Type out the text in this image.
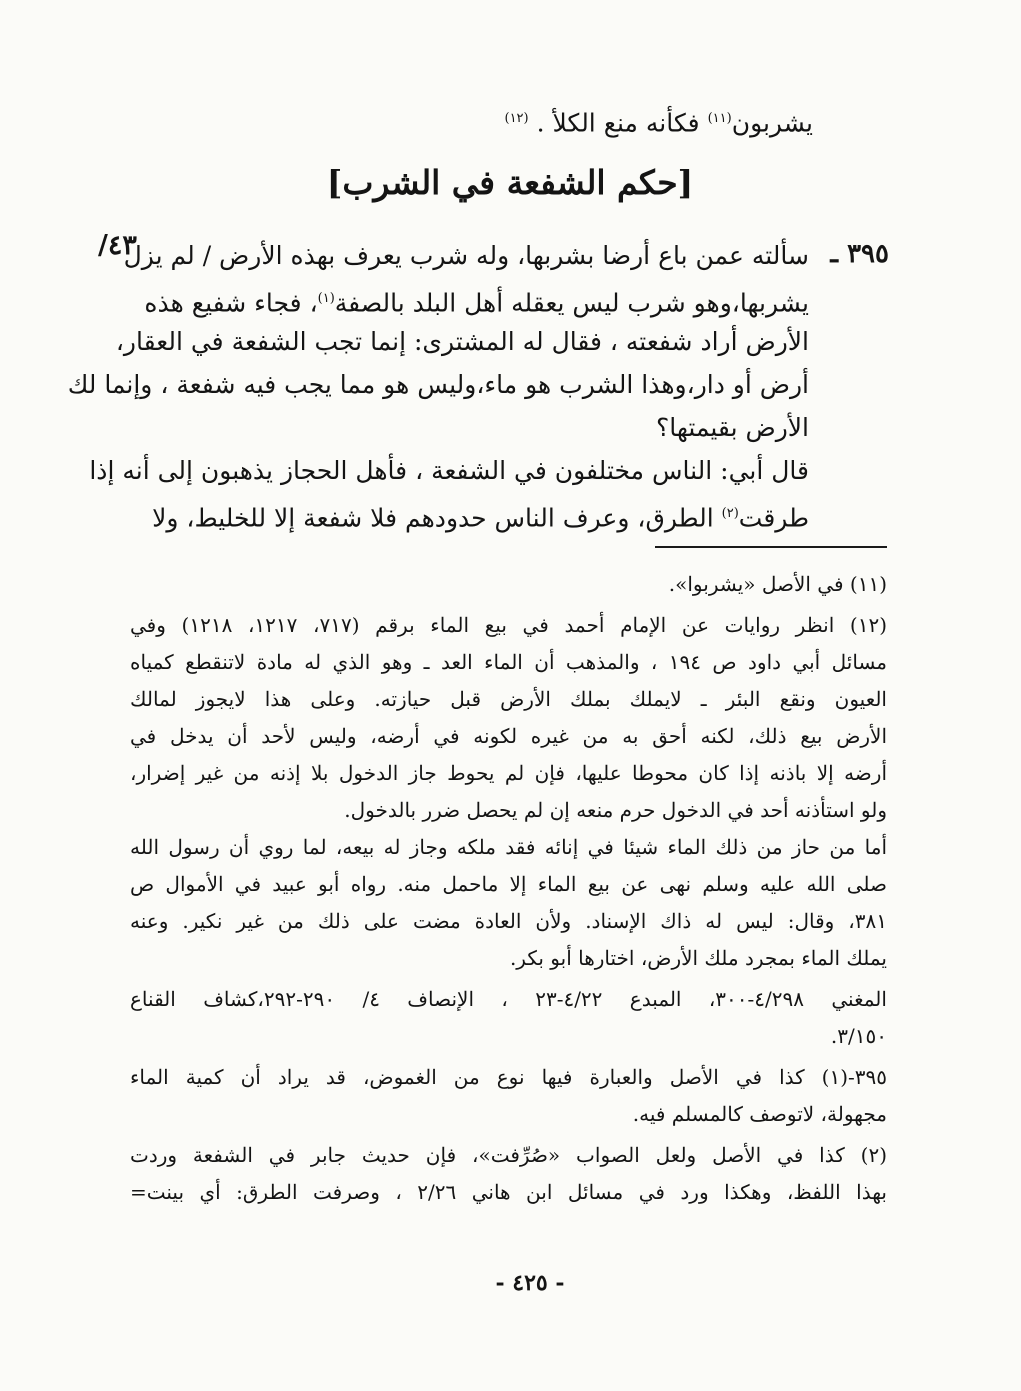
يشربون$^{(١١)}$ فكأنه منع الكلأ . $^{(١٢)}$
[حكم الشفعة في الشرب]
٤٣/	٣٩٥ ـ
سألته عمن باع أرضا بشربها، وله شرب يعرف بهذه الأرض / لم يزل
يشربها،وهو شرب ليس يعقله أهل البلد بالصفة$^{(١)}$، فجاء شفيع هذه
الأرض أراد شفعته ، فقال له المشترى: إنما تجب الشفعة في العقار،
أرض أو دار،وهذا الشرب هو ماء،وليس هو مما يجب فيه شفعة ، وإنما لك
الأرض بقيمتها؟
قال أبي: الناس مختلفون في الشفعة ، فأهل الحجاز يذهبون إلى أنه إذا
طرقت$^{(٢)}$ الطرق، وعرف الناس حدودهم فلا شفعة إلا للخليط، ولا
(١١) في الأصل «يشربوا».
(١٢) انظر روايات عن الإمام أحمد في بيع الماء برقم (٧١٧، ١٢١٧، ١٢١٨) وفي
مسائل أبي داود ص ١٩٤ ، والمذهب أن الماء العد ـ وهو الذي له مادة لاتنقطع كمياه
العيون ونقع البئر ـ لايملك بملك الأرض قبل حيازته. وعلى هذا لايجوز لمالك
الأرض بيع ذلك، لكنه أحق به من غيره لكونه في أرضه، وليس لأحد أن يدخل في
أرضه إلا باذنه إذا كان محوطا عليها، فإن لم يحوط جاز الدخول بلا إذنه من غير إضرار،
ولو استأذنه أحد في الدخول حرم منعه إن لم يحصل ضرر بالدخول.
أما من حاز من ذلك الماء شيئا في إنائه فقد ملكه وجاز له بيعه، لما روي أن رسول الله
صلى الله عليه وسلم نهى عن بيع الماء إلا ماحمل منه. رواه أبو عبيد في الأموال ص
٣٨١، وقال: ليس له ذاك الإسناد. ولأن العادة مضت على ذلك من غير نكير. وعنه
يملك الماء بمجرد ملك الأرض، اختارها أبو بكر.
المغني ٤/٢٩٨-٣٠٠، المبدع ٤/٢٢-٢٣ ، الإنصاف ٤/ ٢٩٠-٢٩٢،كشاف القناع
٣/١٥٠.
٣٩٥-(١) كذا في الأصل والعبارة فيها نوع من الغموض، قد يراد أن كمية الماء
مجهولة، لاتوصف كالمسلم فيه.
(٢) كذا في الأصل ولعل الصواب «صُرِّفت»، فإن حديث جابر في الشفعة وردت
بهذا اللفظ، وهكذا ورد في مسائل ابن هاني ٢/٢٦ ، وصرفت الطرق: أي بينت=
- ٤٢٥ -
